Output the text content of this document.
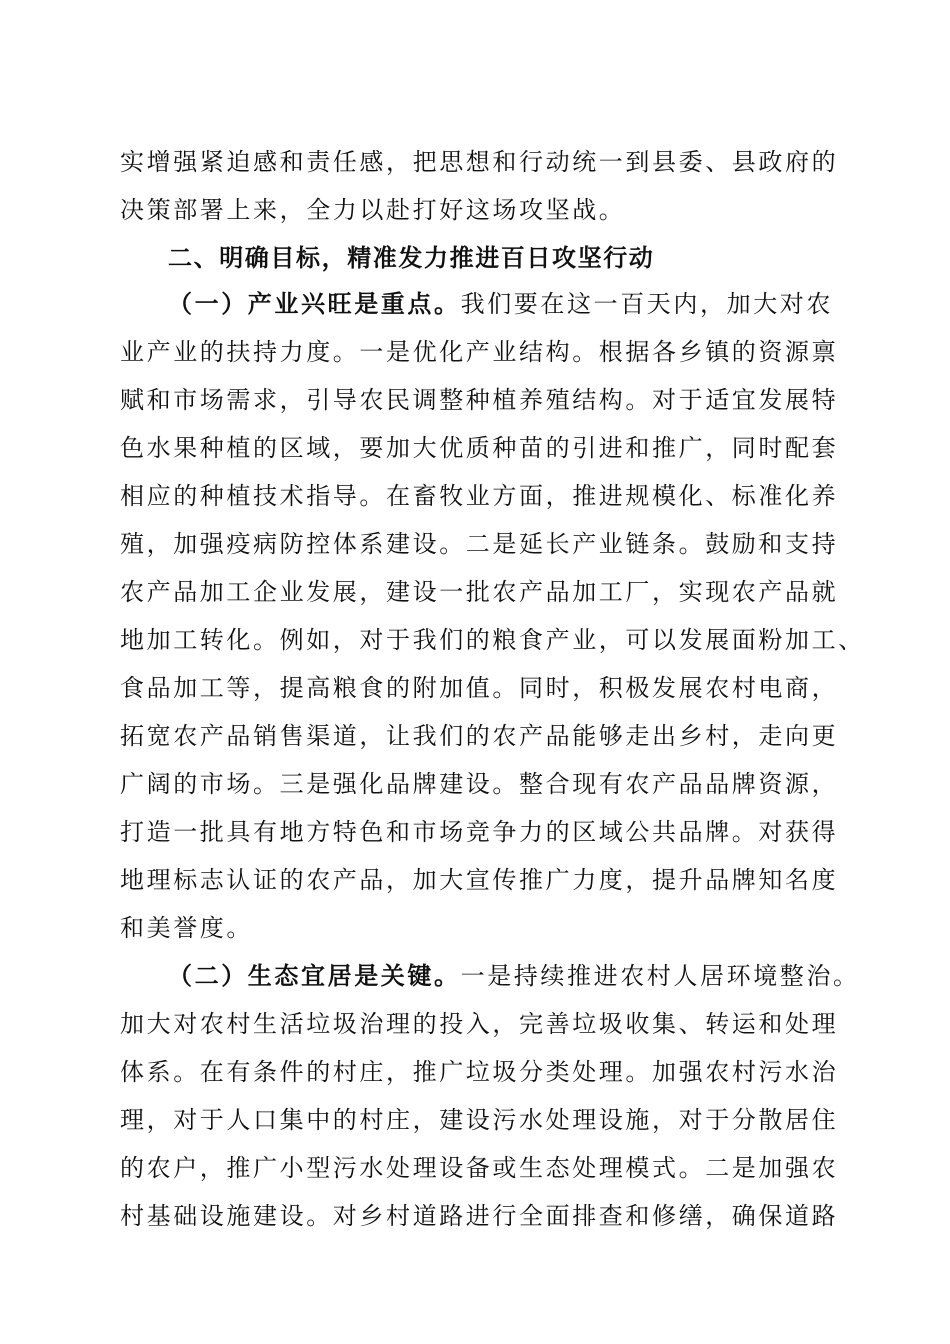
实增强紧迫感和责任感，把思想和行动统一到县委、县政府的

决策部署上来，全力以赴打好这场攻坚战。

二、明确目标，精准发力推进百日攻坚行动

（一）产业兴旺是重点。我们要在这一百天内，加大对农

业产业的扶持力度。一是优化产业结构。根据各乡镇的资源禀

赋和市场需求，引导农民调整种植养殖结构。对于适宜发展特

色水果种植的区域，要加大优质种苗的引进和推广，同时配套

相应的种植技术指导。在畜牧业方面，推进规模化、标准化养

殖，加强疫病防控体系建设。二是延长产业链条。鼓励和支持

农产品加工企业发展，建设一批农产品加工厂，实现农产品就

地加工转化。例如，对于我们的粮食产业，可以发展面粉加工、

食品加工等，提高粮食的附加值。同时，积极发展农村电商，

拓宽农产品销售渠道，让我们的农产品能够走出乡村，走向更

广阔的市场。三是强化品牌建设。整合现有农产品品牌资源，

打造一批具有地方特色和市场竞争力的区域公共品牌。对获得

地理标志认证的农产品，加大宣传推广力度，提升品牌知名度

和美誉度。

（二）生态宜居是关键。一是持续推进农村人居环境整治。

加大对农村生活垃圾治理的投入，完善垃圾收集、转运和处理

体系。在有条件的村庄，推广垃圾分类处理。加强农村污水治

理，对于人口集中的村庄，建设污水处理设施，对于分散居住

的农户，推广小型污水处理设备或生态处理模式。二是加强农

村基础设施建设。对乡村道路进行全面排查和修缮，确保道路
